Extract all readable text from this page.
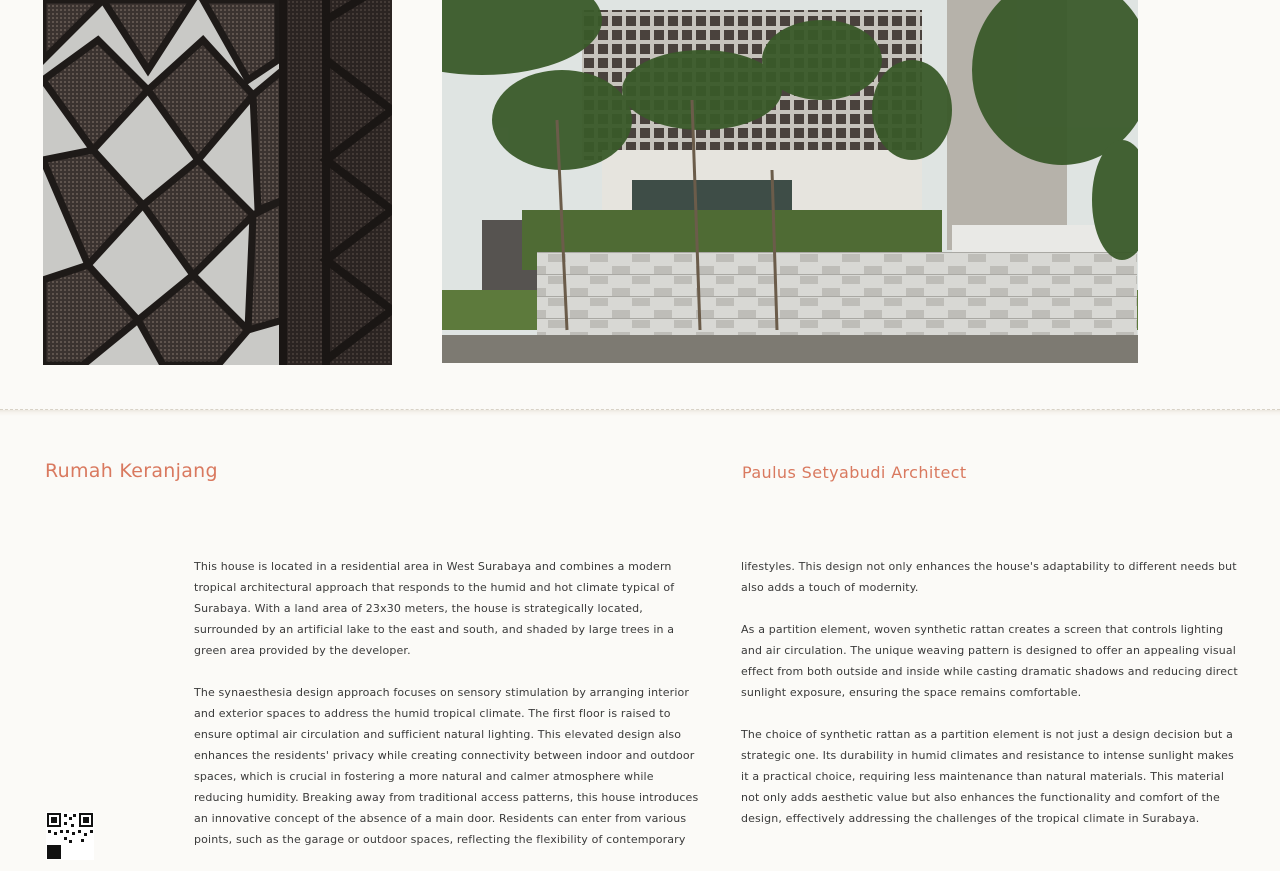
Rumah Keranjang	Paulus Setyabudi Architect

This house is located in a residential area in West Surabaya and combines a modern tropical architectural approach that responds to the humid and hot climate typical of Surabaya. With a land area of 23x30 meters, the house is strategically located, surrounded by an artificial lake to the east and south, and shaded by large trees in a green area provided by the developer.

The synaesthesia design approach focuses on sensory stimulation by arranging interior and exterior spaces to address the humid tropical climate. The first floor is raised to ensure optimal air circulation and sufficient natural lighting. This elevated design also enhances the residents' privacy while creating connectivity between indoor and outdoor spaces, which is crucial in fostering a more natural and calmer atmosphere while reducing humidity. Breaking away from traditional access patterns, this house introduces an innovative concept of the absence of a main door. Residents can enter from various points, such as the garage or outdoor spaces, reflecting the flexibility of contemporary

lifestyles. This design not only enhances the house's adaptability to different needs but also adds a touch of modernity.

As a partition element, woven synthetic rattan creates a screen that controls lighting and air circulation. The unique weaving pattern is designed to offer an appealing visual effect from both outside and inside while casting dramatic shadows and reducing direct sunlight exposure, ensuring the space remains comfortable.

The choice of synthetic rattan as a partition element is not just a design decision but a strategic one. Its durability in humid climates and resistance to intense sunlight makes it a practical choice, requiring less maintenance than natural materials. This material not only adds aesthetic value but also enhances the functionality and comfort of the design, effectively addressing the challenges of the tropical climate in Surabaya.
